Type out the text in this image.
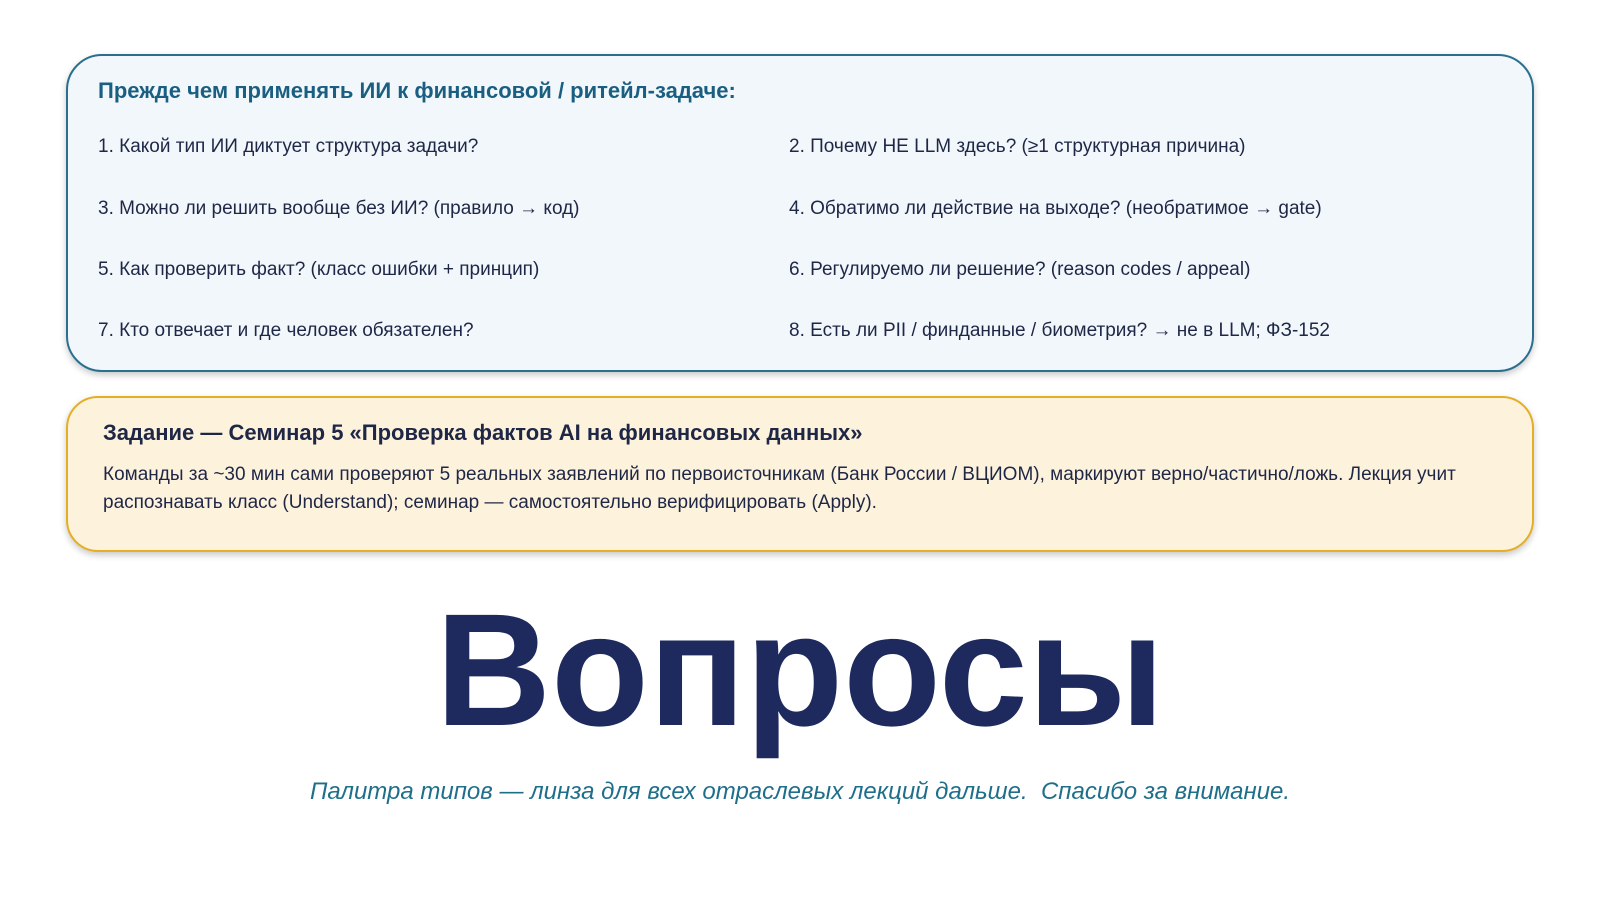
Прежде чем применять ИИ к финансовой / ритейл-задаче:

1. Какой тип ИИ диктует структура задачи?	2. Почему НЕ LLM здесь? (≥1 структурная причина)

3. Можно ли решить вообще без ИИ? (правило → код)	4. Обратимо ли действие на выходе? (необратимое → gate)

5. Как проверить факт? (класс ошибки + принцип)	6. Регулируемо ли решение? (reason codes / appeal)

7. Кто отвечает и где человек обязателен?	8. Есть ли PII / финданные / биометрия? → не в LLM; ФЗ-152

Задание — Семинар 5 «Проверка фактов AI на финансовых данных»

Команды за ~30 мин сами проверяют 5 реальных заявлений по первоисточникам (Банк России / ВЦИОМ), маркируют верно/частично/ложь. Лекция учит распознавать класс (Understand); семинар — самостоятельно верифицировать (Apply).

Вопросы

Палитра типов — линза для всех отраслевых лекций дальше.  Спасибо за внимание.
